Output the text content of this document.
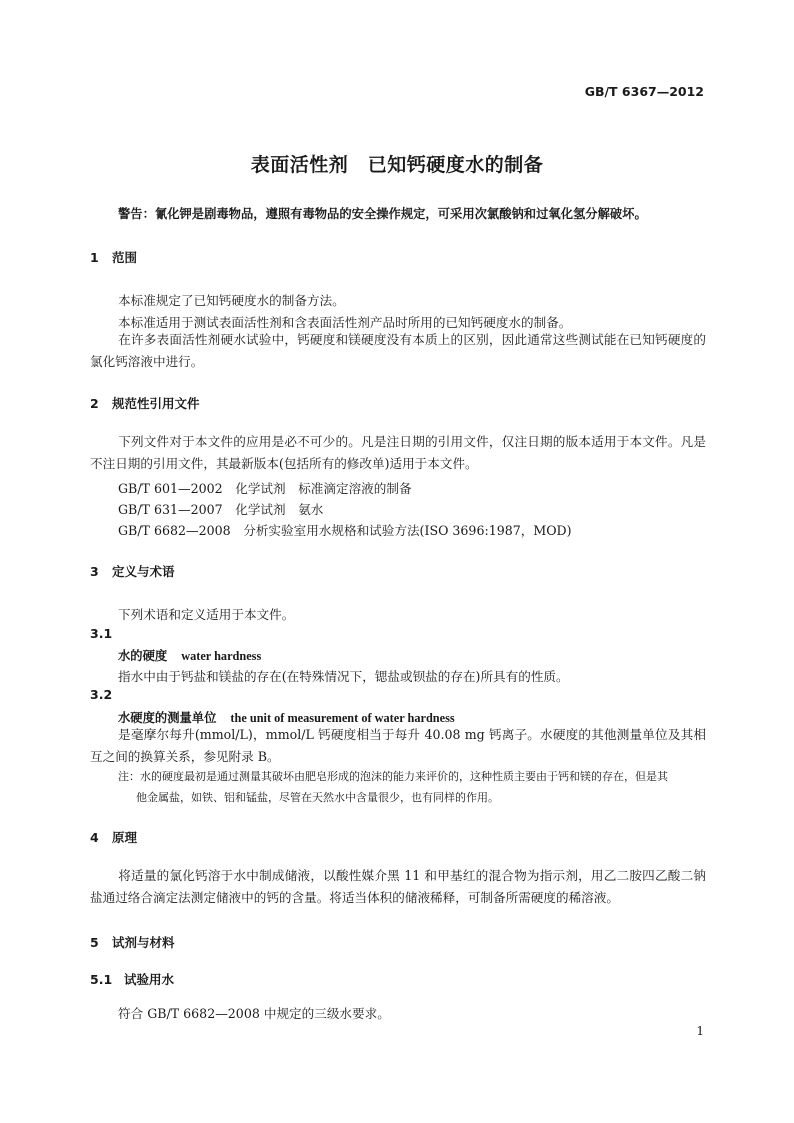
GB/T 6367—2012
表面活性剂　已知钙硬度水的制备
警告：氰化钾是剧毒物品，遵照有毒物品的安全操作规定，可采用次氯酸钠和过氧化氢分解破坏。
1 范围
本标准规定了已知钙硬度水的制备方法。
本标准适用于测试表面活性剂和含表面活性剂产品时所用的已知钙硬度水的制备。
在许多表面活性剂硬水试验中，钙硬度和镁硬度没有本质上的区别，因此通常这些测试能在已知钙硬度的氯化钙溶液中进行。
2 规范性引用文件
下列文件对于本文件的应用是必不可少的。凡是注日期的引用文件，仅注日期的版本适用于本文件。凡是不注日期的引用文件，其最新版本(包括所有的修改单)适用于本文件。
GB/T 601—2002　化学试剂　标准滴定溶液的制备
GB/T 631—2007　化学试剂　氨水
GB/T 6682—2008　分析实验室用水规格和试验方法(ISO 3696:1987，MOD)
3 定义与术语
下列术语和定义适用于本文件。
3.1
水的硬度 water hardness
指水中由于钙盐和镁盐的存在(在特殊情况下，锶盐或钡盐的存在)所具有的性质。
3.2
水硬度的测量单位 the unit of measurement of water hardness
是毫摩尔每升(mmol/L)，mmol/L 钙硬度相当于每升 40.08 mg 钙离子。水硬度的其他测量单位及其相互之间的换算关系，参见附录 B。
注：水的硬度最初是通过测量其破坏由肥皂形成的泡沫的能力来评价的，这种性质主要由于钙和镁的存在，但是其
他金属盐，如铁、铝和锰盐，尽管在天然水中含量很少，也有同样的作用。
4 原理
将适量的氯化钙溶于水中制成储液，以酸性媒介黑 11 和甲基红的混合物为指示剂，用乙二胺四乙酸二钠盐通过络合滴定法测定储液中的钙的含量。将适当体积的储液稀释，可制备所需硬度的稀溶液。
5 试剂与材料
5.1 试验用水
符合 GB/T 6682—2008 中规定的三级水要求。
1
